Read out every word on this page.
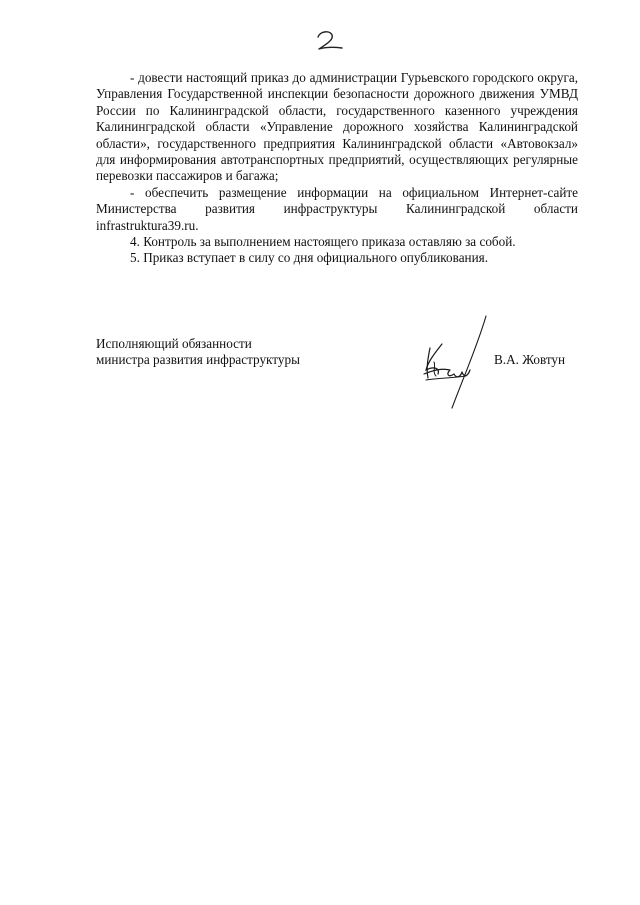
2

- довести настоящий приказ до администрации Гурьевского городского округа, Управления Государственной инспекции безопасности дорожного движения УМВД России по Калининградской области, государственного казенного учреждения Калининградской области «Управление дорожного хозяйства Калининградской области», государственного предприятия Калининградской области «Автовокзал» для информирования автотранспортных предприятий, осуществляющих регулярные перевозки пассажиров и багажа;

- обеспечить размещение информации на официальном Интернет-сайте Министерства развития инфраструктуры Калининградской области infrastruktura39.ru.

4. Контроль за выполнением настоящего приказа оставляю за собой.

5. Приказ вступает в силу со дня официального опубликования.

Исполняющий обязанности
министра развития инфраструктуры	В.А. Жовтун
